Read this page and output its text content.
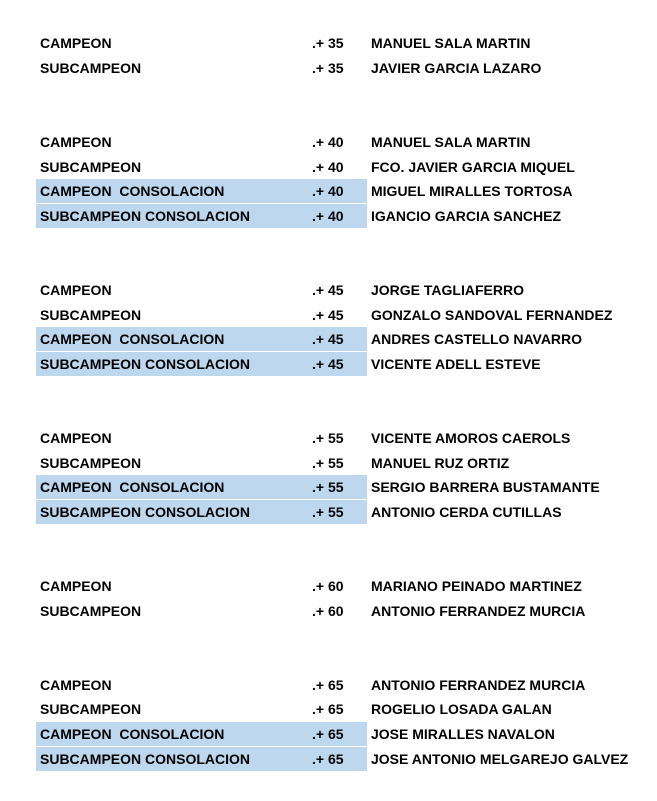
CAMPEON	.+ 35 MANUEL SALA MARTIN
SUBCAMPEON	.+ 35 JAVIER GARCIA LAZARO
CAMPEON	.+ 40 MANUEL SALA MARTIN
SUBCAMPEON	.+ 40 FCO. JAVIER GARCIA MIQUEL
CAMPEON  CONSOLACION	.+ 40 MIGUEL MIRALLES TORTOSA
SUBCAMPEON CONSOLACION	.+ 40 IGANCIO GARCIA SANCHEZ
CAMPEON	.+ 45 JORGE TAGLIAFERRO
SUBCAMPEON	.+ 45 GONZALO SANDOVAL FERNANDEZ
CAMPEON  CONSOLACION	.+ 45 ANDRES CASTELLO NAVARRO
SUBCAMPEON CONSOLACION	.+ 45 VICENTE ADELL ESTEVE
CAMPEON	.+ 55 VICENTE AMOROS CAEROLS
SUBCAMPEON	.+ 55 MANUEL RUZ ORTIZ
CAMPEON  CONSOLACION	.+ 55 SERGIO BARRERA BUSTAMANTE
SUBCAMPEON CONSOLACION	.+ 55 ANTONIO CERDA CUTILLAS
CAMPEON	.+ 60 MARIANO PEINADO MARTINEZ
SUBCAMPEON	.+ 60 ANTONIO FERRANDEZ MURCIA
CAMPEON	.+ 65 ANTONIO FERRANDEZ MURCIA
SUBCAMPEON	.+ 65 ROGELIO LOSADA GALAN
CAMPEON  CONSOLACION	.+ 65 JOSE MIRALLES NAVALON
SUBCAMPEON CONSOLACION	.+ 65 JOSE ANTONIO MELGAREJO GALVEZ
